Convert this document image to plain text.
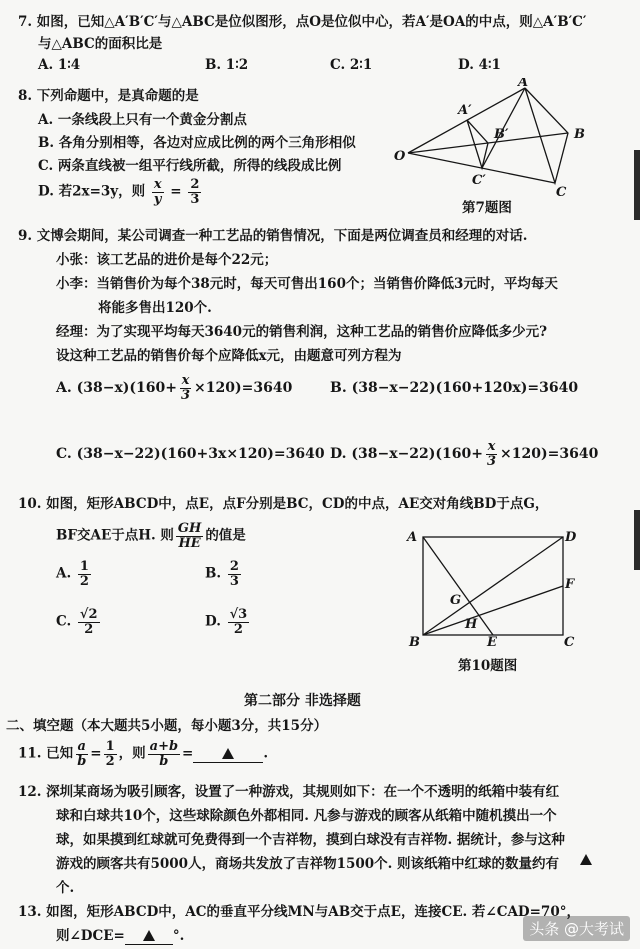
7. 如图，已知△A′B′C′与△ABC是位似图形，点O是位似中心，若A′是OA的中点，则△A′B′C′
与△ABC的面积比是
A. 1∶4	B. 1∶2	C. 2∶1	D. 4∶1
A
A′
B′	B
O
C′
C
第7题图
8. 下列命题中，是真命题的是
A. 一条线段上只有一个黄金分割点
B. 各角分别相等，各边对应成比例的两个三角形相似
C. 两条直线被一组平行线所截，所得的线段成比例
D. 若2x=3y，则 $\frac{x}{y} = \frac{2}{3}$
9. 文博会期间，某公司调查一种工艺品的销售情况，下面是两位调查员和经理的对话.
小张：该工艺品的进价是每个22元；
小李：当销售价为每个38元时，每天可售出160个；当销售价降低3元时，平均每天
将能多售出120个.
经理：为了实现平均每天3640元的销售利润，这种工艺品的销售价应降低多少元?
设这种工艺品的销售价每个应降低x元，由题意可列方程为
A. $(38-x)(160+ \frac{x}{3} \times 120)=3640$	B. (38−x−22)(160+120x)=3640
C. (38−x−22)(160+3x×120)=3640 D. $(38-x-22)(160+ \frac{x}{3} \times 120)=3640$
10. 如图，矩形ABCD中，点E，点F分别是BC，CD的中点，AE交对角线BD于点G，
BF交AE于点H. 则 $\frac{GH}{HE}$ 的值是
A. $\frac{1}{2}$	B. $\frac{2}{3}$
C. $\frac{√2}{2}$	D. $\frac{√3}{2}$
A	D
F
G
H
B	E	C
第10题图
第二部分 非选择题
二、填空题（本大题共5小题，每小题3分，共15分）
11. 已知 $\frac{a}{b} = \frac{1}{2}$ ，则 $\frac{a+b}{b}$ =	.
12. 深圳某商场为吸引顾客，设置了一种游戏，其规则如下：在一个不透明的纸箱中装有红
球和白球共10个，这些球除颜色外都相同. 凡参与游戏的顾客从纸箱中随机摸出一个
球，如果摸到红球就可免费得到一个吉祥物，摸到白球没有吉祥物. 据统计，参与这种
游戏的顾客共有5000人，商场共发放了吉祥物1500个. 则该纸箱中红球的数量约有
个.
13. 如图，矩形ABCD中，AC的垂直平分线MN与AB交于点E，连接CE. 若∠CAD=70°，
则∠DCE=	°.	头条 @大考试
